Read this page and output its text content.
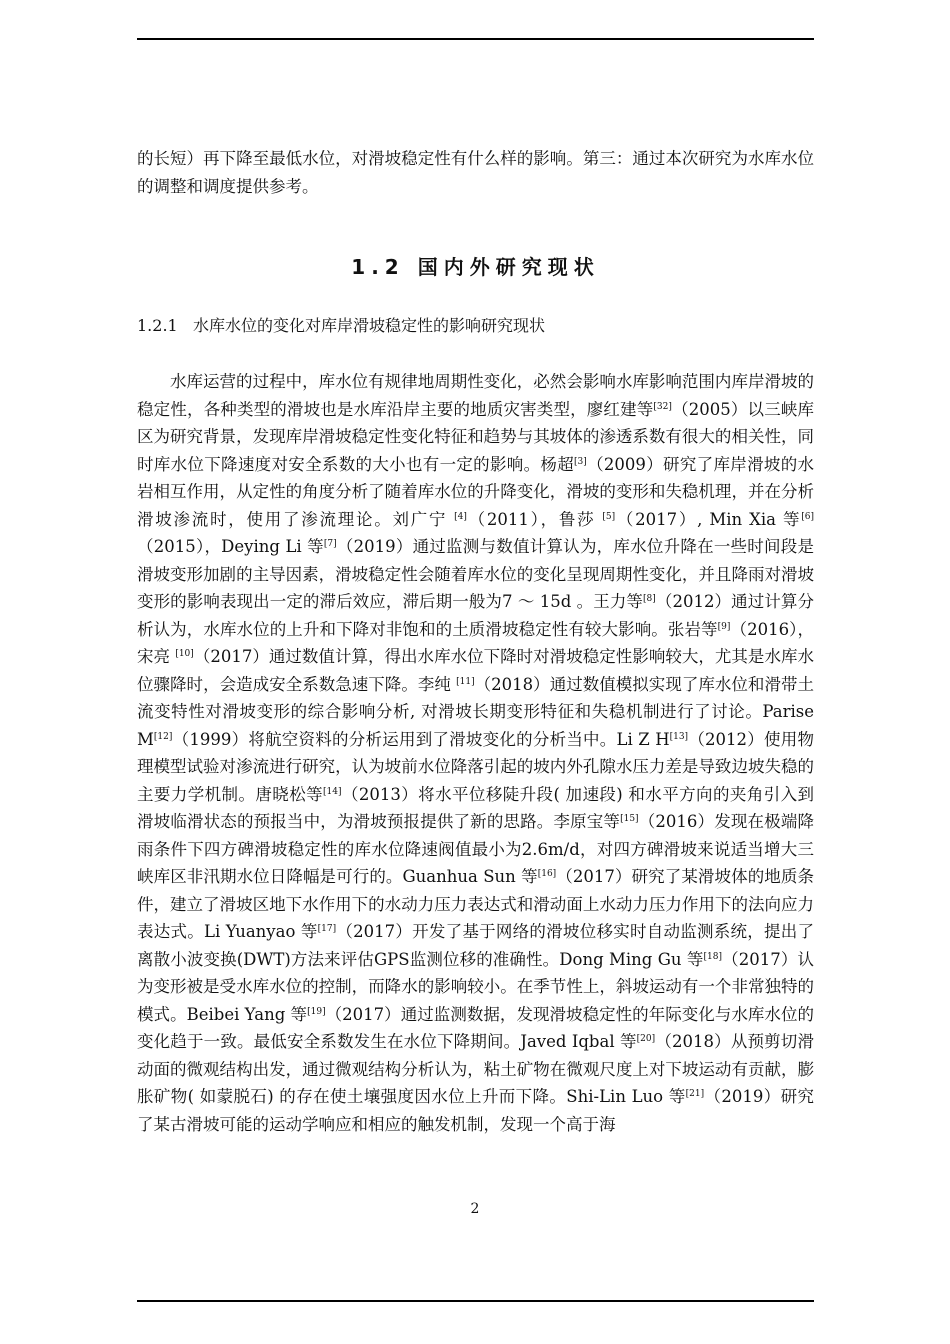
的长短）再下降至最低水位，对滑坡稳定性有什么样的影响。第三：通过本次研究为水库水位的调整和调度提供参考。

1.2 国内外研究现状
1.2.1 水库水位的变化对库岸滑坡稳定性的影响研究现状

水库运营的过程中，库水位有规律地周期性变化，必然会影响水库影响范围内库岸滑坡的稳定性，各种类型的滑坡也是水库沿岸主要的地质灾害类型，廖红建等[32]（2005）以三峡库区为研究背景，发现库岸滑坡稳定性变化特征和趋势与其坡体的渗透系数有很大的相关性，同时库水位下降速度对安全系数的大小也有一定的影响。杨超[3]（2009）研究了库岸滑坡的水岩相互作用，从定性的角度分析了随着库水位的升降变化，滑坡的变形和失稳机理，并在分析滑坡渗流时，使用了渗流理论。刘广宁 [4]（2011），鲁莎 [5]（2017）, Min Xia 等[6]（2015），Deying Li 等[7]（2019）通过监测与数值计算认为，库水位升降在一些时间段是滑坡变形加剧的主导因素，滑坡稳定性会随着库水位的变化呈现周期性变化，并且降雨对滑坡变形的影响表现出一定的滞后效应，滞后期一般为7 ～ 15d 。王力等[8]（2012）通过计算分析认为，水库水位的上升和下降对非饱和的土质滑坡稳定性有较大影响。张岩等[9]（2016），宋亮 [10]（2017）通过数值计算，得出水库水位下降时对滑坡稳定性影响较大，尤其是水库水位骤降时，会造成安全系数急速下降。李纯 [11]（2018）通过数值模拟实现了库水位和滑带土流变特性对滑坡变形的综合影响分析, 对滑坡长期变形特征和失稳机制进行了讨论。Parise M[12]（1999）将航空资料的分析运用到了滑坡变化的分析当中。Li Z H[13]（2012）使用物理模型试验对渗流进行研究，认为坡前水位降落引起的坡内外孔隙水压力差是导致边坡失稳的主要力学机制。唐晓松等[14]（2013）将水平位移陡升段( 加速段) 和水平方向的夹角引入到滑坡临滑状态的预报当中，为滑坡预报提供了新的思路。李原宝等[15]（2016）发现在极端降雨条件下四方碑滑坡稳定性的库水位降速阀值最小为2.6m/d，对四方碑滑坡来说适当增大三峡库区非汛期水位日降幅是可行的。Guanhua Sun 等[16]（2017）研究了某滑坡体的地质条件，建立了滑坡区地下水作用下的水动力压力表达式和滑动面上水动力压力作用下的法向应力表达式。Li Yuanyao 等[17]（2017）开发了基于网络的滑坡位移实时自动监测系统，提出了离散小波变换(DWT)方法来评估GPS监测位移的准确性。Dong Ming Gu 等[18]（2017）认为变形被是受水库水位的控制，而降水的影响较小。在季节性上，斜坡运动有一个非常独特的模式。Beibei Yang 等[19]（2017）通过监测数据，发现滑坡稳定性的年际变化与水库水位的变化趋于一致。最低安全系数发生在水位下降期间。Javed Iqbal 等[20]（2018）从预剪切滑动面的微观结构出发，通过微观结构分析认为，粘土矿物在微观尺度上对下坡运动有贡献，膨胀矿物( 如蒙脱石) 的存在使土壤强度因水位上升而下降。Shi-Lin Luo 等[21]（2019）研究了某古滑坡可能的运动学响应和相应的触发机制，发现一个高于海

2
